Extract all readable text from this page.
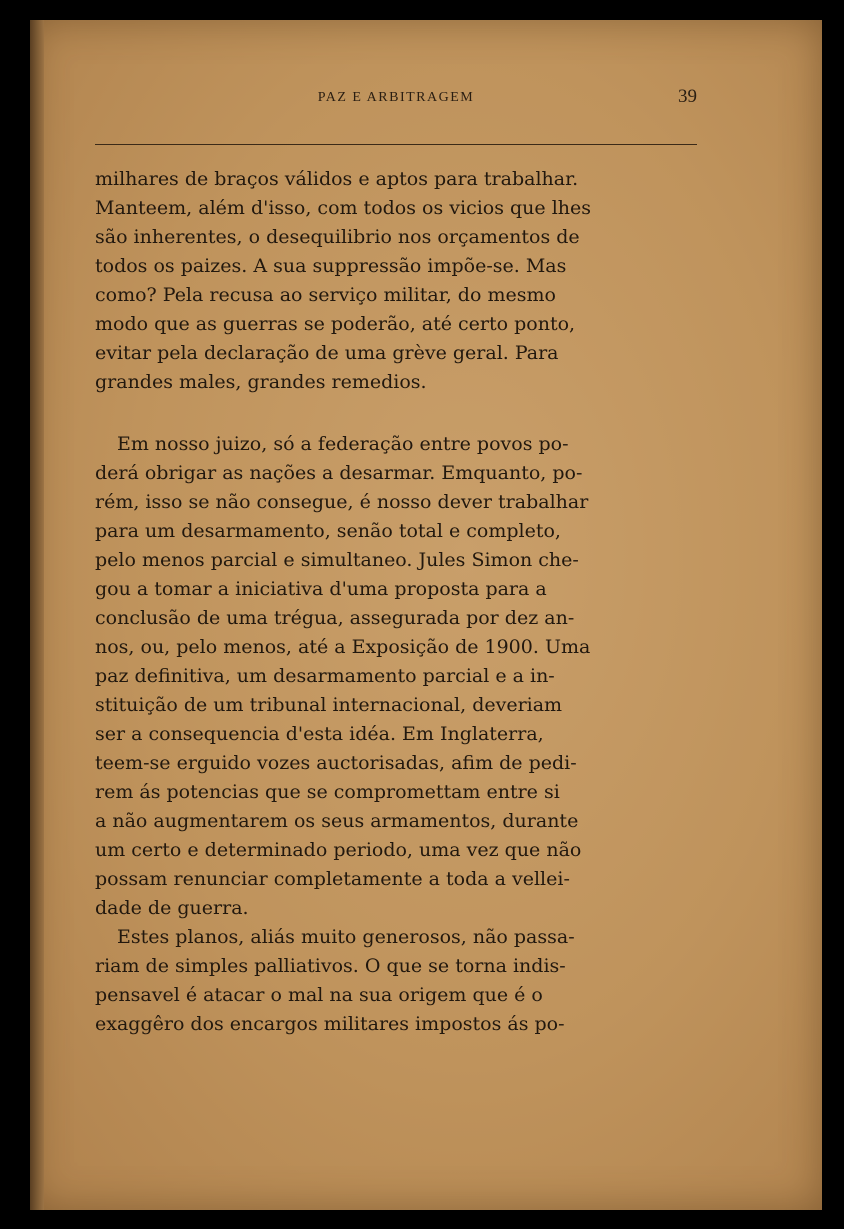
PAZ E ARBITRAGEM	39
milhares de braços válidos e aptos para trabalhar.
Manteem, além d'isso, com todos os vicios que lhes
são inherentes, o desequilibrio nos orçamentos de
todos os paizes. A sua suppressão impõe-se. Mas
como? Pela recusa ao serviço militar, do mesmo
modo que as guerras se poderão, até certo ponto,
evitar pela declaração de uma grève geral. Para
grandes males, grandes remedios.
Em nosso juizo, só a federação entre povos po-
derá obrigar as nações a desarmar. Emquanto, po-
rém, isso se não consegue, é nosso dever trabalhar
para um desarmamento, senão total e completo,
pelo menos parcial e simultaneo. Jules Simon che-
gou a tomar a iniciativa d'uma proposta para a
conclusão de uma trégua, assegurada por dez an-
nos, ou, pelo menos, até a Exposição de 1900. Uma
paz definitiva, um desarmamento parcial e a in-
stituição de um tribunal internacional, deveriam
ser a consequencia d'esta idéa. Em Inglaterra,
teem-se erguido vozes auctorisadas, afim de pedi-
rem ás potencias que se compromettam entre si
a não augmentarem os seus armamentos, durante
um certo e determinado periodo, uma vez que não
possam renunciar completamente a toda a vellei-
dade de guerra.
Estes planos, aliás muito generosos, não passa-
riam de simples palliativos. O que se torna indis-
pensavel é atacar o mal na sua origem que é o
exaggêro dos encargos militares impostos ás po-
